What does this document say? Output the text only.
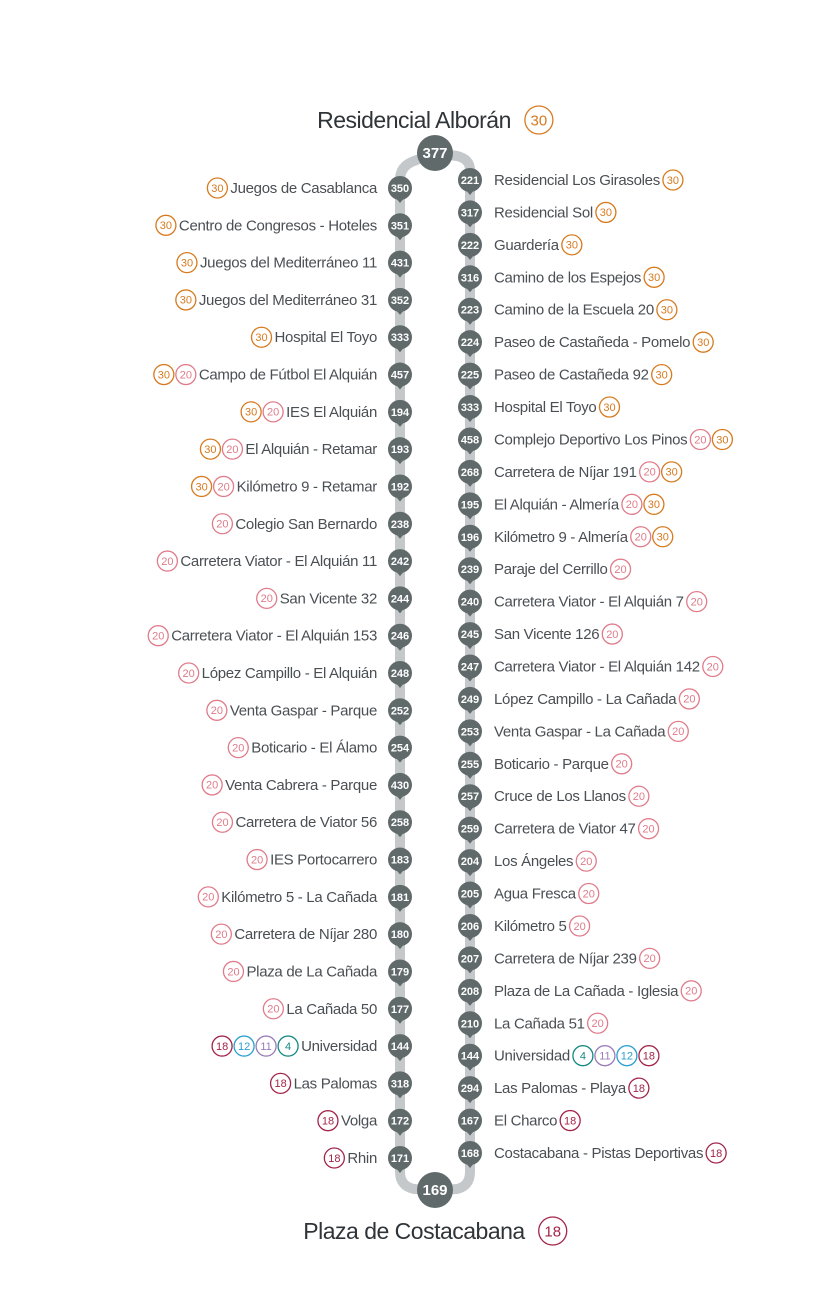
350
Juegos de Casablanca
30
351
Centro de Congresos - Hoteles
30
431
Juegos del Mediterráneo 11
30
352
Juegos del Mediterráneo 31
30
333
Hospital El Toyo
30
457
Campo de Fútbol El Alquián
20
30
194
IES El Alquián
20
30
193
El Alquián - Retamar
20
30
192
Kilómetro 9 - Retamar
20
30
238
Colegio San Bernardo
20
242
Carretera Viator - El Alquián 11
20
244
San Vicente 32
20
246
Carretera Viator - El Alquián 153
20
248
López Campillo - El Alquián
20
252
Venta Gaspar - Parque
20
254
Boticario - El Álamo
20
430
Venta Cabrera - Parque
20
258
Carretera de Viator 56
20
183
IES Portocarrero
20
181
Kilómetro 5 - La Cañada
20
180
Carretera de Níjar 280
20
179
Plaza de La Cañada
20
177
La Cañada 50
20
144
Universidad
4
11
12
18
318
Las Palomas
18
172
Volga
18
171
Rhin
18
221 Residencial Los Girasoles 30
317 Residencial Sol 30
222 Guardería 30
316 Camino de los Espejos 30
223 Camino de la Escuela 20 30
224 Paseo de Castañeda - Pomelo 30
225 Paseo de Castañeda 92 30
333 Hospital El Toyo 30
458 Complejo Deportivo Los Pinos 20 30
268 Carretera de Níjar 191 20 30
195 El Alquián - Almería 20 30
196 Kilómetro 9 - Almería 20 30
239 Paraje del Cerrillo 20
240 Carretera Viator - El Alquián 7 20
245 San Vicente 126 20
247 Carretera Viator - El Alquián 142 20
249 López Campillo - La Cañada 20
253 Venta Gaspar - La Cañada 20
255 Boticario - Parque 20
257 Cruce de Los Llanos 20
259 Carretera de Viator 47 20
204 Los Ángeles 20
205 Agua Fresca 20
206 Kilómetro 5 20
207 Carretera de Níjar 239 20
208 Plaza de La Cañada - Iglesia 20
210 La Cañada 51 20
144 Universidad 4 11 12 18
294 Las Palomas - Playa 18
167 El Charco 18
168 Costacabana - Pistas Deportivas 18
377
Residencial Alborán 30
169
Plaza de Costacabana 18
